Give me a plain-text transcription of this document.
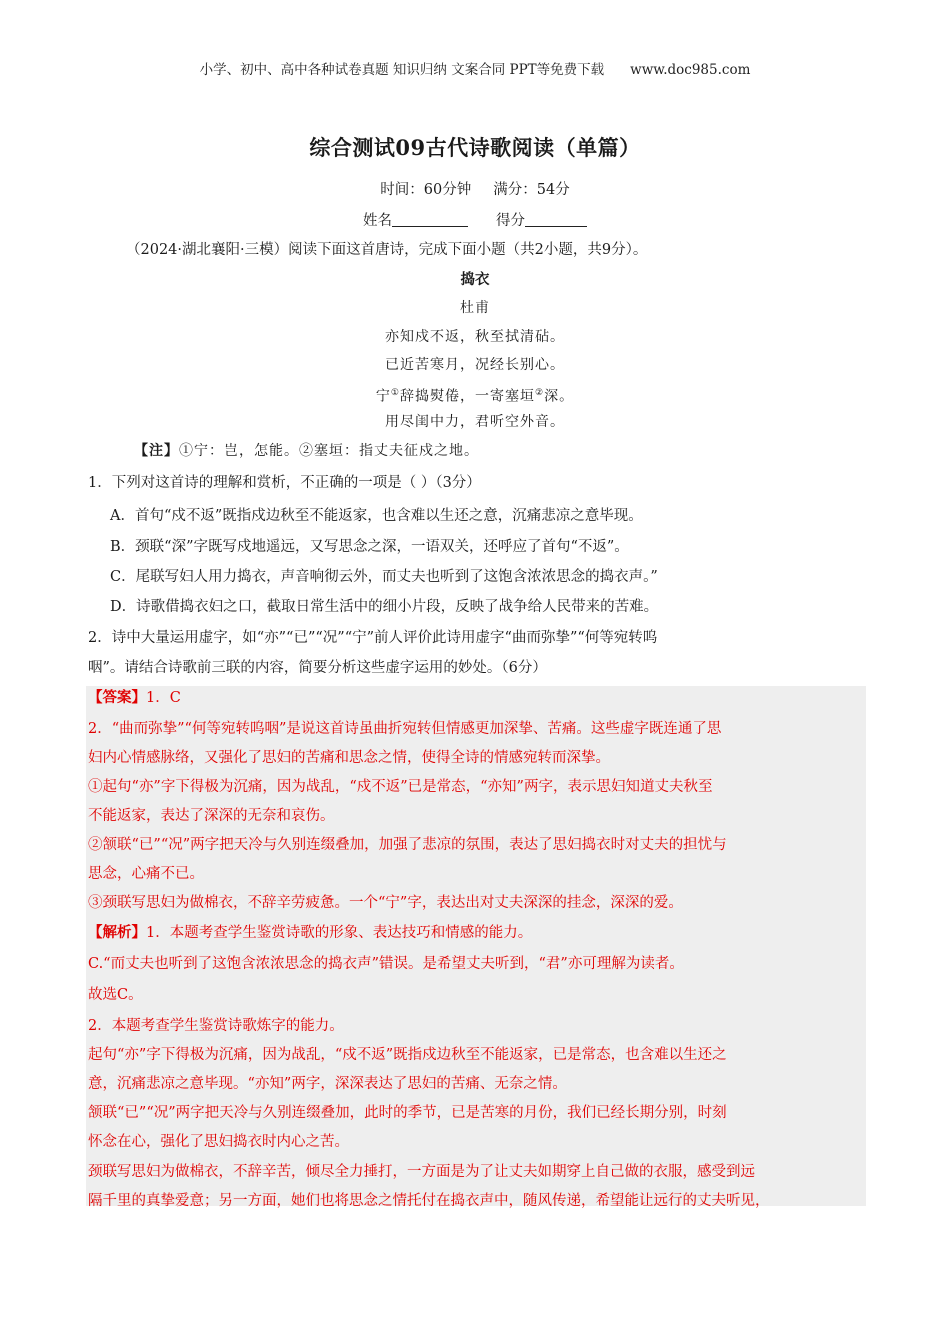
小学、初中、高中各种试卷真题 知识归纳 文案合同 PPT等免费下载 www.doc985.com
综合测试09古代诗歌阅读（单篇）
时间：60分钟 满分：54分
姓名	得分
（2024·湖北襄阳·三模）阅读下面这首唐诗，完成下面小题（共2小题，共9分）。
捣衣
杜甫
亦知戍不返，秋至拭清砧。
已近苦寒月，况经长别心。
宁①辞捣熨倦，一寄塞垣②深。
用尽闺中力，君听空外音。
【注】①宁：岂，怎能。②塞垣：指丈夫征戍之地。
1．下列对这首诗的理解和赏析，不正确的一项是（ ）（3分）
A．首句“戍不返”既指戍边秋至不能返家，也含难以生还之意，沉痛悲凉之意毕现。
B．颈联“深”字既写戍地遥远，又写思念之深，一语双关，还呼应了首句“不返”。
C．尾联写妇人用力捣衣，声音响彻云外，而丈夫也听到了这饱含浓浓思念的捣衣声。”
D．诗歌借捣衣妇之口，截取日常生活中的细小片段，反映了战争给人民带来的苦难。
2．诗中大量运用虚字，如“亦”“已”“况”“宁”前人评价此诗用虚字“曲而弥挚”“何等宛转呜
咽”。请结合诗歌前三联的内容，简要分析这些虚字运用的妙处。（6分）
【答案】1．C
2．“曲而弥挚”“何等宛转呜咽”是说这首诗虽曲折宛转但情感更加深挚、苦痛。这些虚字既连通了思
妇内心情感脉络，又强化了思妇的苦痛和思念之情，使得全诗的情感宛转而深挚。
①起句“亦”字下得极为沉痛，因为战乱，“戍不返”已是常态，“亦知”两字，表示思妇知道丈夫秋至
不能返家，表达了深深的无奈和哀伤。
②颔联“已”“况”两字把天冷与久别连缀叠加，加强了悲凉的氛围，表达了思妇捣衣时对丈夫的担忧与
思念，心痛不已。
③颈联写思妇为做棉衣，不辞辛劳疲惫。一个“宁”字，表达出对丈夫深深的挂念，深深的爱。
【解析】1．本题考查学生鉴赏诗歌的形象、表达技巧和情感的能力。
C.“而丈夫也听到了这饱含浓浓思念的捣衣声”错误。是希望丈夫听到，“君”亦可理解为读者。
故选C。
2．本题考查学生鉴赏诗歌炼字的能力。
起句“亦”字下得极为沉痛，因为战乱，“戍不返”既指戍边秋至不能返家，已是常态，也含难以生还之
意，沉痛悲凉之意毕现。“亦知”两字，深深表达了思妇的苦痛、无奈之情。
颔联“已”“况”两字把天冷与久别连缀叠加，此时的季节，已是苦寒的月份，我们已经长期分别，时刻
怀念在心，强化了思妇捣衣时内心之苦。
颈联写思妇为做棉衣，不辞辛苦，倾尽全力捶打，一方面是为了让丈夫如期穿上自己做的衣服，感受到远
隔千里的真挚爱意；另一方面，她们也将思念之情托付在捣衣声中，随风传递，希望能让远行的丈夫听见，
